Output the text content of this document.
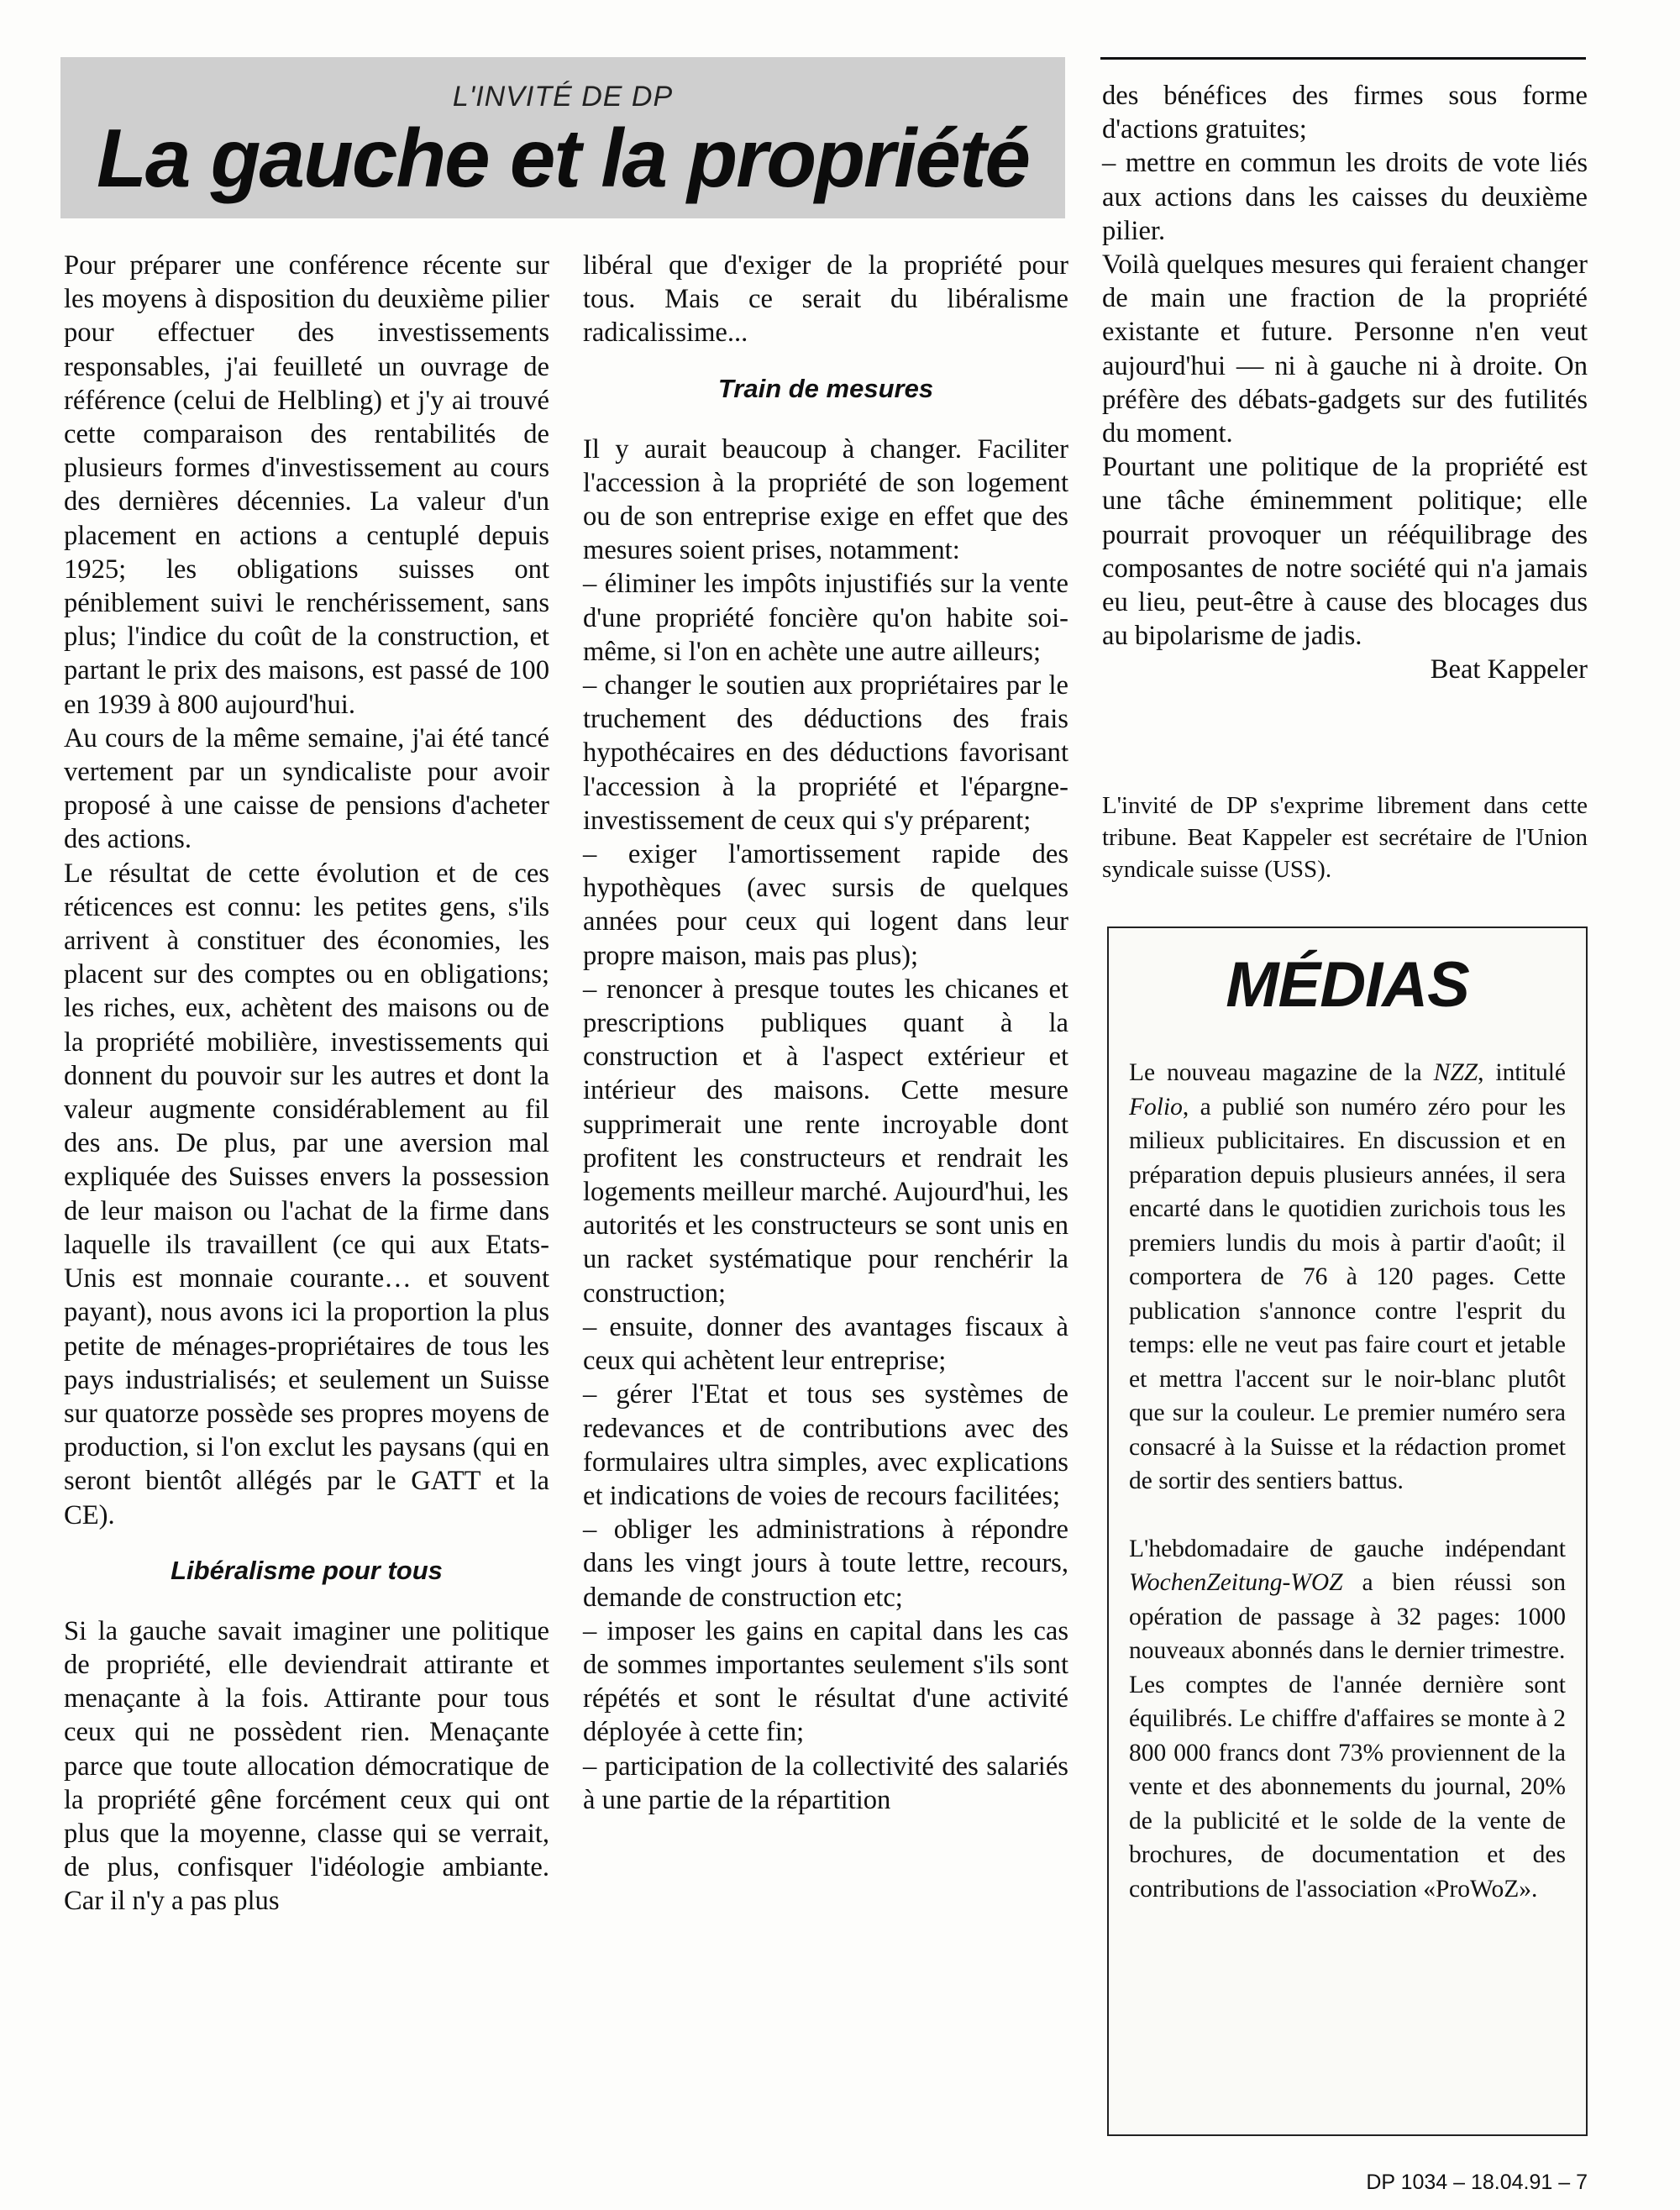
L'INVITÉ DE DP
La gauche et la propriété

Pour préparer une conférence récente sur les moyens à disposition du deuxième pilier pour effectuer des investissements responsables, j'ai feuilleté un ouvrage de référence (celui de Helbling) et j'y ai trouvé cette comparaison des rentabilités de plusieurs formes d'investissement au cours des dernières décennies. La valeur d'un placement en actions a centuplé depuis 1925; les obligations suisses ont péniblement suivi le renchérissement, sans plus; l'indice du coût de la construction, et partant le prix des maisons, est passé de 100 en 1939 à 800 aujourd'hui.

Au cours de la même semaine, j'ai été tancé vertement par un syndicaliste pour avoir proposé à une caisse de pensions d'acheter des actions.

Le résultat de cette évolution et de ces réticences est connu: les petites gens, s'ils arrivent à constituer des économies, les placent sur des comptes ou en obligations; les riches, eux, achètent des maisons ou de la propriété mobilière, investissements qui donnent du pouvoir sur les autres et dont la valeur augmente considérablement au fil des ans. De plus, par une aversion mal expliquée des Suisses envers la possession de leur maison ou l'achat de la firme dans laquelle ils travaillent (ce qui aux Etats-Unis est monnaie courante… et souvent payant), nous avons ici la proportion la plus petite de ménages-propriétaires de tous les pays industrialisés; et seulement un Suisse sur quatorze possède ses propres moyens de production, si l'on exclut les paysans (qui en seront bientôt allégés par le GATT et la CE).

Libéralisme pour tous

Si la gauche savait imaginer une politique de propriété, elle deviendrait attirante et menaçante à la fois. Attirante pour tous ceux qui ne possèdent rien. Menaçante parce que toute allocation démocratique de la propriété gêne forcément ceux qui ont plus que la moyenne, classe qui se verrait, de plus, confisquer l'idéologie ambiante. Car il n'y a pas plus

libéral que d'exiger de la propriété pour tous. Mais ce serait du libéralisme radicalissime...

Train de mesures

Il y aurait beaucoup à changer. Faciliter l'accession à la propriété de son logement ou de son entreprise exige en effet que des mesures soient prises, notamment:

– éliminer les impôts injustifiés sur la vente d'une propriété foncière qu'on habite soi-même, si l'on en achète une autre ailleurs;

– changer le soutien aux propriétaires par le truchement des déductions des frais hypothécaires en des déductions favorisant l'accession à la propriété et l'épargne-investissement de ceux qui s'y préparent;

– exiger l'amortissement rapide des hypothèques (avec sursis de quelques années pour ceux qui logent dans leur propre maison, mais pas plus);

– renoncer à presque toutes les chicanes et prescriptions publiques quant à la construction et à l'aspect extérieur et intérieur des maisons. Cette mesure supprimerait une rente incroyable dont profitent les constructeurs et rendrait les logements meilleur marché. Aujourd'hui, les autorités et les constructeurs se sont unis en un racket systématique pour renchérir la construction;

– ensuite, donner des avantages fiscaux à ceux qui achètent leur entreprise;

– gérer l'Etat et tous ses systèmes de redevances et de contributions avec des formulaires ultra simples, avec explications et indications de voies de recours facilitées;

– obliger les administrations à répondre dans les vingt jours à toute lettre, recours, demande de construction etc;

– imposer les gains en capital dans les cas de sommes importantes seulement s'ils sont répétés et sont le résultat d'une activité déployée à cette fin;

– participation de la collectivité des salariés à une partie de la répartition

des bénéfices des firmes sous forme d'actions gratuites;

– mettre en commun les droits de vote liés aux actions dans les caisses du deuxième pilier.

Voilà quelques mesures qui feraient changer de main une fraction de la propriété existante et future. Personne n'en veut aujourd'hui — ni à gauche ni à droite. On préfère des débats-gadgets sur des futilités du moment.

Pourtant une politique de la propriété est une tâche éminemment politique; elle pourrait provoquer un rééquilibrage des composantes de notre société qui n'a jamais eu lieu, peut-être à cause des blocages dus au bipolarisme de jadis.

Beat Kappeler

L'invité de DP s'exprime librement dans cette tribune. Beat Kappeler est secrétaire de l'Union syndicale suisse (USS).

MÉDIAS

Le nouveau magazine de la NZZ, intitulé Folio, a publié son numéro zéro pour les milieux publicitaires. En discussion et en préparation depuis plusieurs années, il sera encarté dans le quotidien zurichois tous les premiers lundis du mois à partir d'août; il comportera de 76 à 120 pages. Cette publication s'annonce contre l'esprit du temps: elle ne veut pas faire court et jetable et mettra l'accent sur le noir-blanc plutôt que sur la couleur. Le premier numéro sera consacré à la Suisse et la rédaction promet de sortir des sentiers battus.

L'hebdomadaire de gauche indépendant WochenZeitung-WOZ a bien réussi son opération de passage à 32 pages: 1000 nouveaux abonnés dans le dernier trimestre.

Les comptes de l'année dernière sont équilibrés. Le chiffre d'affaires se monte à 2 800 000 francs dont 73% proviennent de la vente et des abonnements du journal, 20% de la publicité et le solde de la vente de brochures, de documentation et des contributions de l'association «ProWoZ».

DP 1034 – 18.04.91 – 7
